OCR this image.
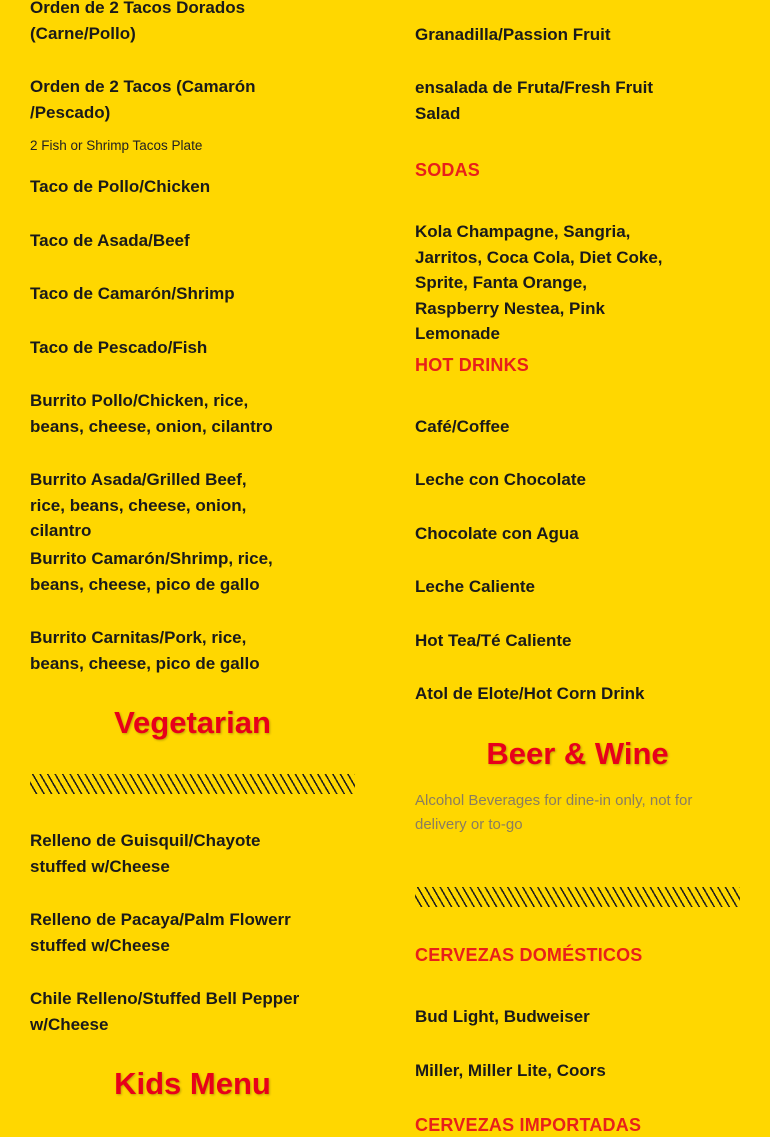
Orden de 2 Tacos Dorados (Carne/Pollo)

Orden de 2 Tacos (Camarón /Pescado)

2 Fish or Shrimp Tacos Plate

Taco de Pollo/Chicken

Taco de Asada/Beef

Taco de Camarón/Shrimp

Taco de Pescado/Fish

Burrito Pollo/Chicken, rice, beans, cheese, onion, cilantro

Burrito Asada/Grilled Beef, rice, beans, cheese, onion, cilantro

Burrito Camarón/Shrimp, rice, beans, cheese, pico de gallo

Burrito Carnitas/Pork, rice, beans, cheese, pico de gallo

Vegetarian

Relleno de Guisquil/Chayote stuffed w/Cheese

Relleno de Pacaya/Palm Flowerr stuffed w/Cheese

Chile Relleno/Stuffed Bell Pepper w/Cheese

Kids Menu

Granadilla/Passion Fruit

ensalada de Fruta/Fresh Fruit Salad

SODAS

Kola Champagne, Sangria, Jarritos, Coca Cola, Diet Coke, Sprite, Fanta Orange, Raspberry Nestea, Pink Lemonade

HOT DRINKS

Café/Coffee

Leche con Chocolate

Chocolate con Agua

Leche Caliente

Hot Tea/Té Caliente

Atol de Elote/Hot Corn Drink

Beer & Wine

Alcohol Beverages for dine-in only, not for delivery or to-go

CERVEZAS DOMÉSTICOS

Bud Light, Budweiser

Miller, Miller Lite, Coors

CERVEZAS IMPORTADAS
